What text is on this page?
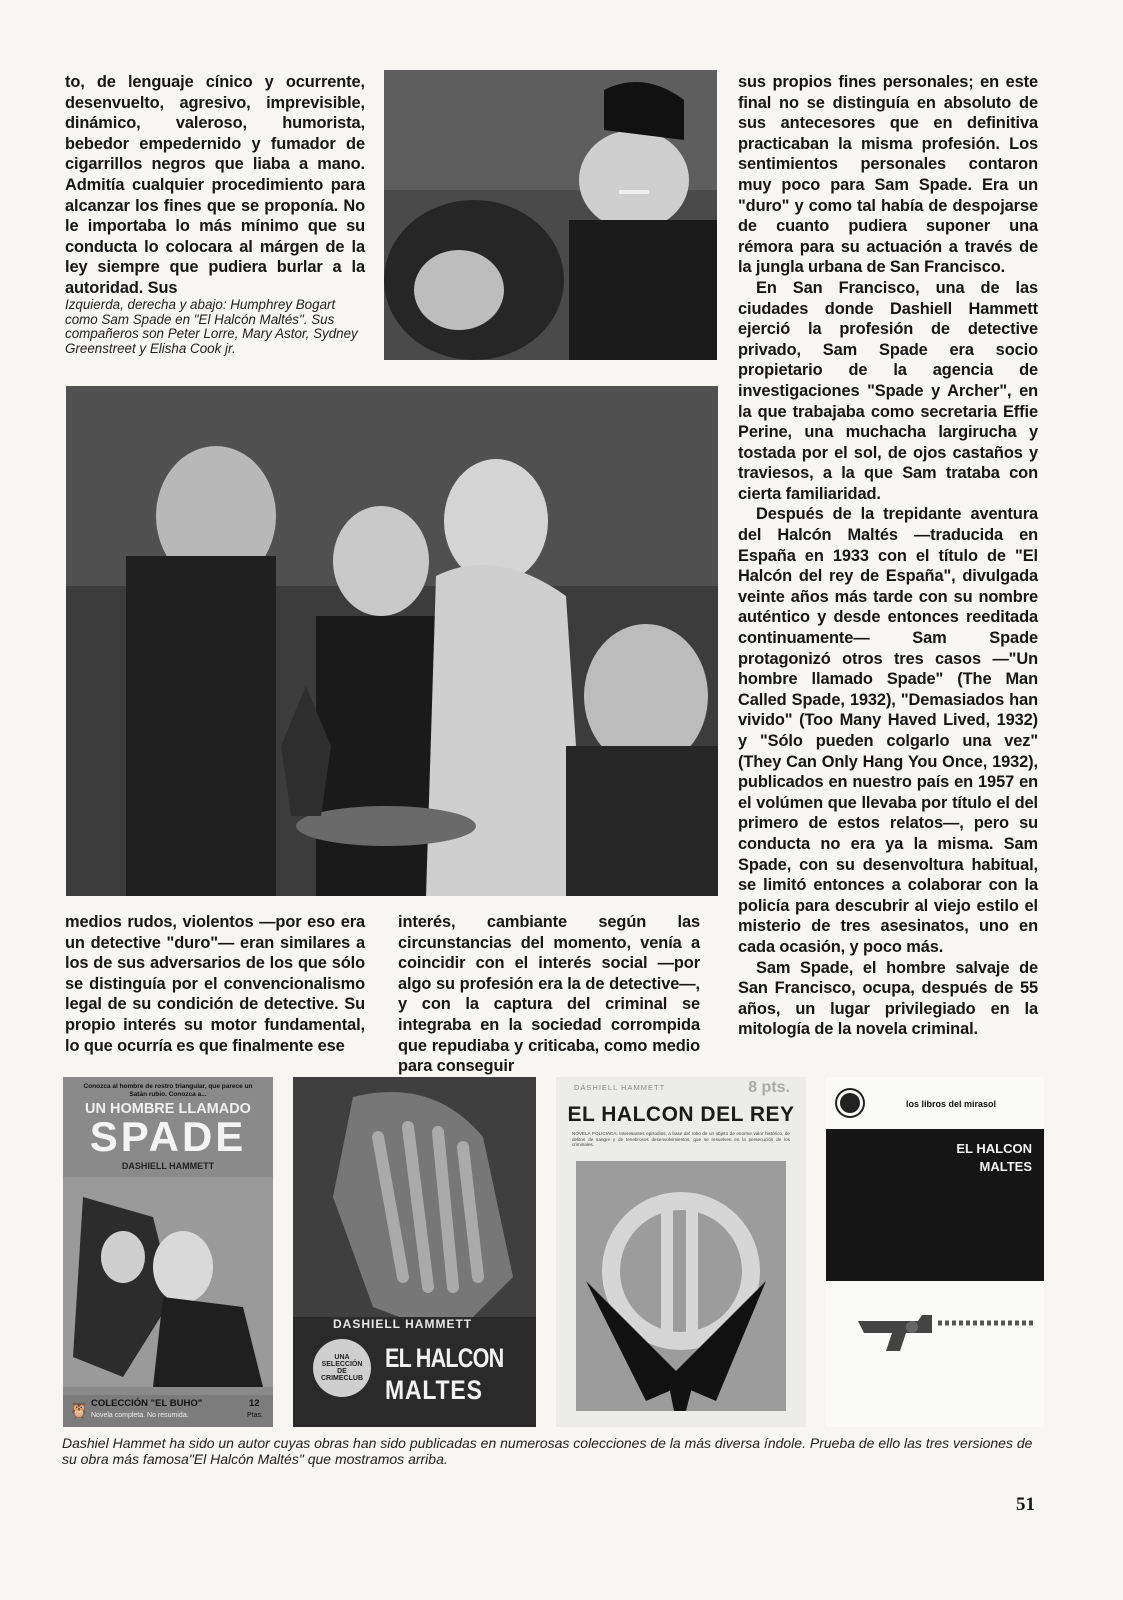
to, de lenguaje cínico y ocurrente, desenvuelto, agresivo, imprevisible, dinámico, valeroso, humorista, bebedor empedernido y fumador de cigarrillos negros que liaba a mano. Admitía cualquier procedimiento para alcanzar los fines que se proponía. No le importaba lo más mínimo que su conducta lo colocara al márgen de la ley siempre que pudiera burlar a la autoridad. Sus

Izquierda, derecha y abajo: Humphrey Bogart como Sam Spade en "El Halcón Maltés". Sus compañeros son Peter Lorre, Mary Astor, Sydney Greenstreet y Elisha Cook jr.

sus propios fines personales; en este final no se distinguía en absoluto de sus antecesores que en definitiva practicaban la misma profesión. Los sentimientos personales contaron muy poco para Sam Spade. Era un "duro" y como tal había de despojarse de cuanto pudiera suponer una rémora para su actuación a través de la jungla urbana de San Francisco.

En San Francisco, una de las ciudades donde Dashiell Hammett ejerció la profesión de detective privado, Sam Spade era socio propietario de la agencia de investigaciones "Spade y Archer", en la que trabajaba como secretaria Effie Perine, una muchacha largirucha y tostada por el sol, de ojos castaños y traviesos, a la que Sam trataba con cierta familiaridad.

Después de la trepidante aventura del Halcón Maltés —traducida en España en 1933 con el título de "El Halcón del rey de España", divulgada veinte años más tarde con su nombre auténtico y desde entonces reeditada continuamente— Sam Spade protagonizó otros tres casos —"Un hombre llamado Spade" (The Man Called Spade, 1932), "Demasiados han vivido" (Too Many Haved Lived, 1932) y "Sólo pueden colgarlo una vez" (They Can Only Hang You Once, 1932), publicados en nuestro país en 1957 en el volúmen que llevaba por título el del primero de estos relatos—, pero su conducta no era ya la misma. Sam Spade, con su desenvoltura habitual, se limitó entonces a colaborar con la policía para descubrir al viejo estilo el misterio de tres asesinatos, uno en cada ocasión, y poco más.

Sam Spade, el hombre salvaje de San Francisco, ocupa, después de 55 años, un lugar privilegiado en la mitología de la novela criminal.

medios rudos, violentos —por eso era un detective "duro"— eran similares a los de sus adversarios de los que sólo se distinguía por el convencionalismo legal de su condición de detective. Su propio interés su motor fundamental, lo que ocurría es que finalmente ese

interés, cambiante según las circunstancias del momento, venía a coincidir con el interés social —por algo su profesión era la de detective—, y con la captura del criminal se integraba en la sociedad corrompida que repudiaba y criticaba, como medio para conseguir

Conozca al hombre de rostro triangular, que parece un Satán rubio. Conozca a...
UN HOMBRE LLAMADO
SPADE
DASHIELL HAMMETT
🦉 COLECCIÓN "EL BUHO"	12
Novela completa. No resumida.	Ptas.
DASHIELL HAMMETT
UNA SELECCIÓN DE CRIMECLUB
EL HALCON
MALTES
DASHIELL HAMMETT	8 pts.
EL HALCON DEL REY
NOVELA POLICIACA: Interesantes episodios, a base del robo de un objeto de enorme valor histórico, de delitos de sangre y de tenebrosos desenvolvimientos, que se resuelven en la persecución de los criminales.
los libros del mirasol
EL HALCON
MALTES
Dashiel Hammet ha sido un autor cuyas obras han sido publicadas en numerosas colecciones de la más diversa índole. Prueba de ello las tres versiones de su obra más famosa"El Halcón Maltés" que mostramos arriba.
51
